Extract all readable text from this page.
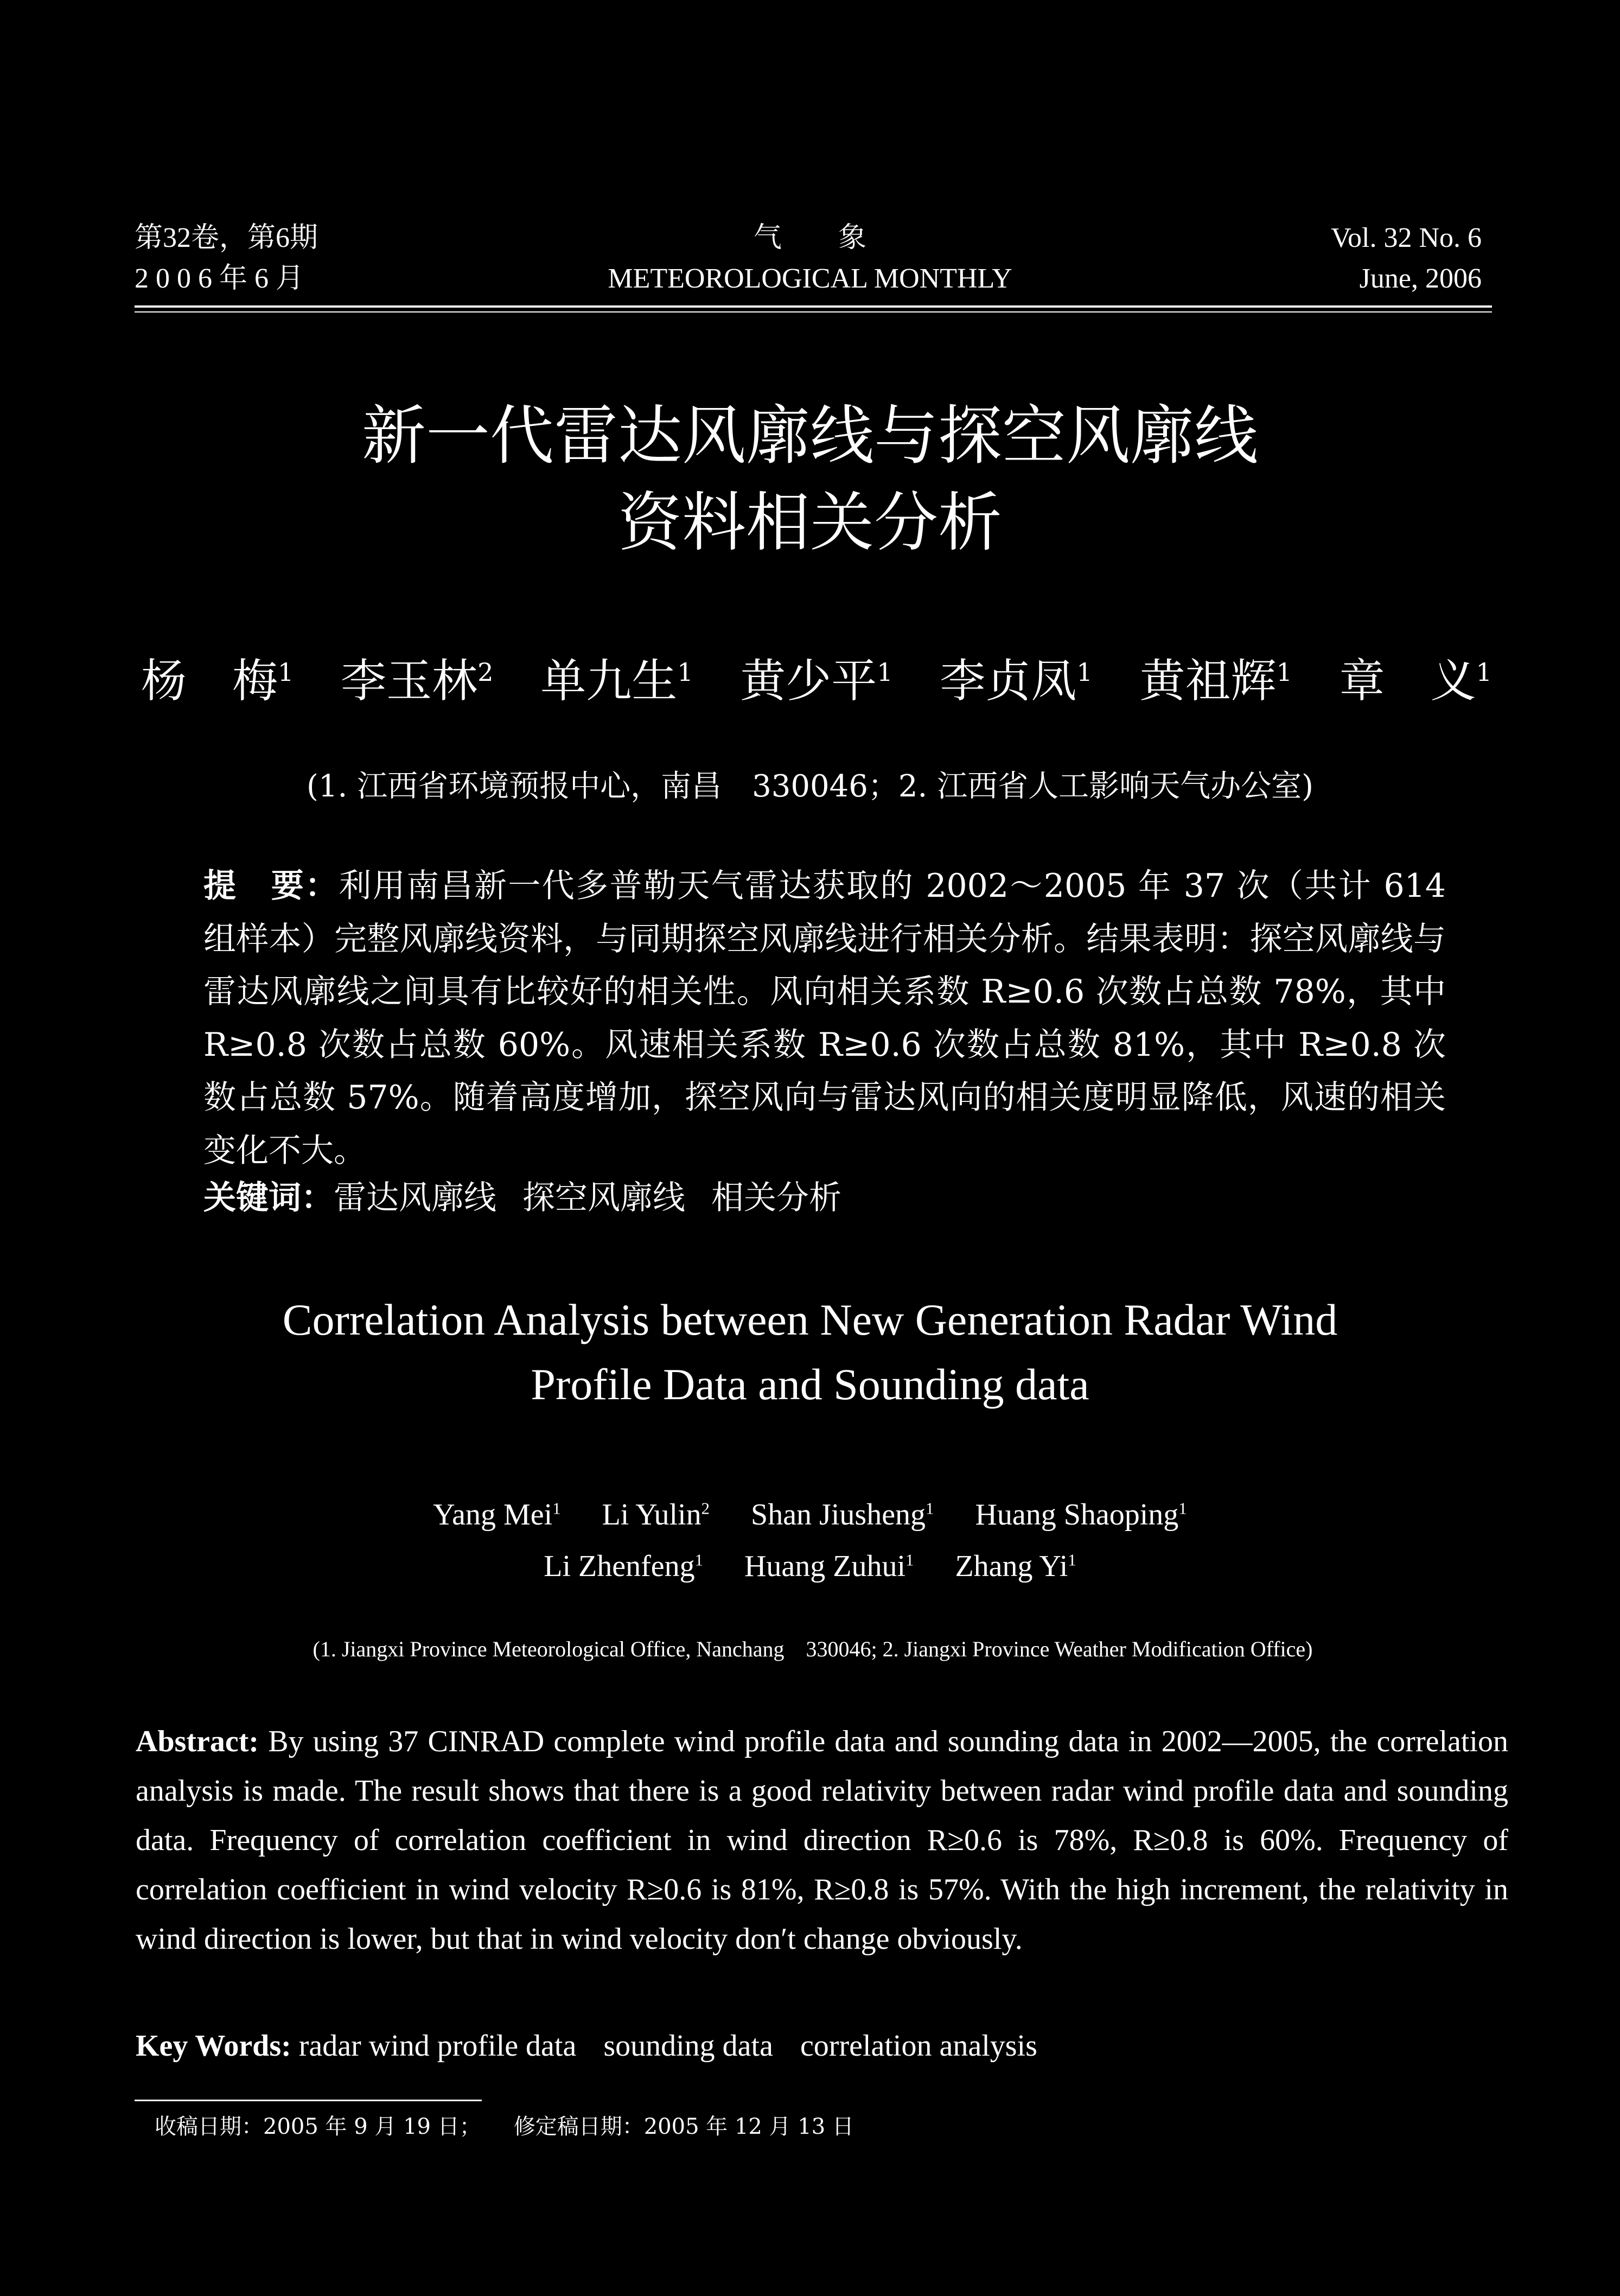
第32卷，第6期
2 0 0 6 年 6 月
气　　象
METEOROLOGICAL MONTHLY
Vol. 32 No. 6
June, 2006
新一代雷达风廓线与探空风廓线
资料相关分析
杨　梅$^1$ 李玉林$^2$ 单九生$^1$ 黄少平$^1$ 李贞凤$^1$ 黄祖辉$^1$ 章　义$^1$
(1. 江西省环境预报中心，南昌　330046；2. 江西省人工影响天气办公室)
提　要：利用南昌新一代多普勒天气雷达获取的 2002～2005 年 37 次（共计 614 组样本）完整风廓线资料，与同期探空风廓线进行相关分析。结果表明：探空风廓线与雷达风廓线之间具有比较好的相关性。风向相关系数 R≥0.6 次数占总数 78%，其中 R≥0.8 次数占总数 60%。风速相关系数 R≥0.6 次数占总数 81%，其中 R≥0.8 次数占总数 57%。随着高度增加，探空风向与雷达风向的相关度明显降低，风速的相关变化不大。
关键词：雷达风廓线 探空风廓线 相关分析
Correlation Analysis between New Generation Radar Wind
Profile Data and Sounding data
Yang Mei$^1$ Li Yulin$^2$ Shan Jiusheng$^1$ Huang Shaoping$^1$
Li Zhenfeng$^1$ Huang Zuhui$^1$ Zhang Yi$^1$
(1. Jiangxi Province Meteorological Office, Nanchang　330046; 2. Jiangxi Province Weather Modification Office)
Abstract: By using 37 CINRAD complete wind profile data and sounding data in 2002—2005, the correlation analysis is made. The result shows that there is a good relativity between radar wind profile data and sounding data. Frequency of correlation coefficient in wind direction R≥0.6 is 78%, R≥0.8 is 60%. Frequency of correlation coefficient in wind velocity R≥0.6 is 81%, R≥0.8 is 57%. With the high increment, the relativity in wind direction is lower, but that in wind velocity don′t change obviously.
Key Words: radar wind profile data sounding data correlation analysis
收稿日期：2005 年 9 月 19 日； 修定稿日期：2005 年 12 月 13 日
